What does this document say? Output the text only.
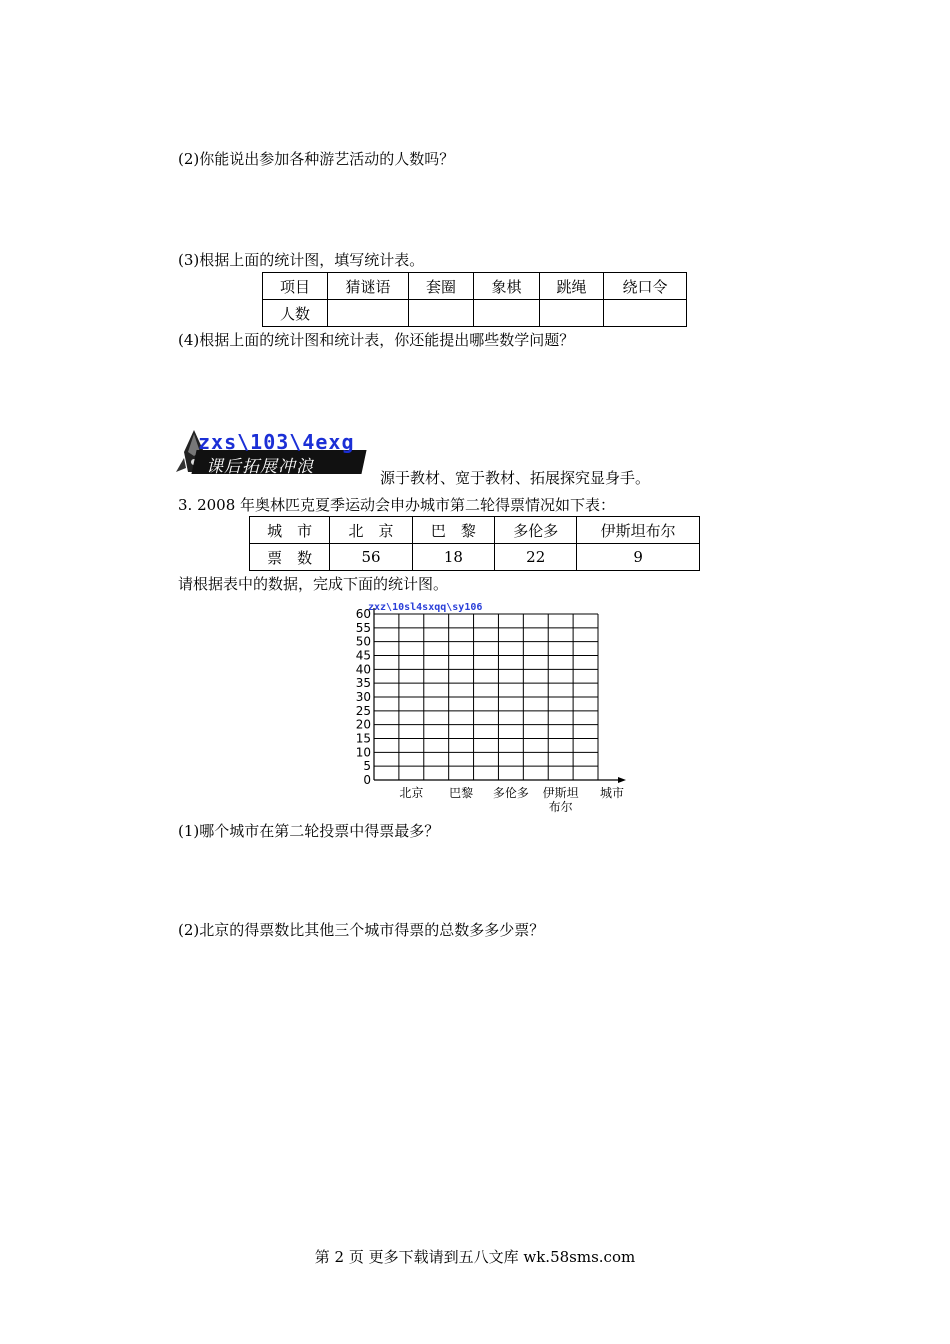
(2)你能说出参加各种游艺活动的人数吗？
(3)根据上面的统计图，填写统计表。
项目	猜谜语	套圈	象棋	跳绳	绕口令
人数					
(4)根据上面的统计图和统计表，你还能提出哪些数学问题？
课后拓展冲浪
zxs\103\4exg
源于教材、宽于教材、拓展探究显身手。
3. 2008 年奥林匹克夏季运动会申办城市第二轮得票情况如下表：
城　市	北　京	巴　黎	多伦多	伊斯坦布尔
票　数	56	18	22	9
请根据表中的数据，完成下面的统计图。
0
5
10
15
20
25
30
35
40
45
50
55
60
北京 巴黎 多伦多 伊斯坦
布尔
城市
zxz\10sl4sxqq\sy106
(1)哪个城市在第二轮投票中得票最多？
(2)北京的得票数比其他三个城市得票的总数多多少票？
第 2 页 更多下载请到五八文库 wk.58sms.com
